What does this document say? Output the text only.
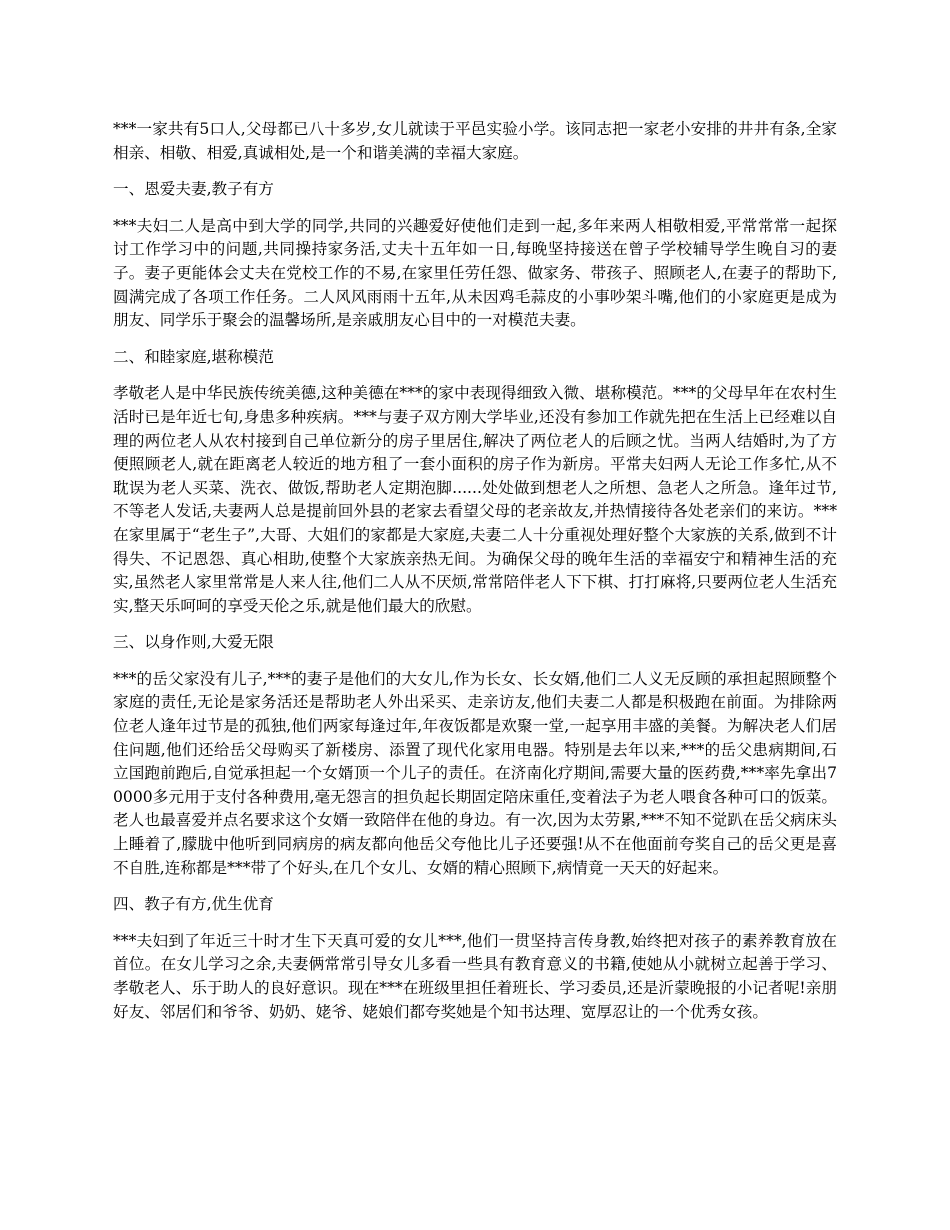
***一家共有5口人,父母都已八十多岁,女儿就读于平邑实验小学。该同志把一家老小安排的井井有条,全家相亲、相敬、相爱,真诚相处,是一个和谐美满的幸福大家庭。

一、恩爱夫妻,教子有方

***夫妇二人是高中到大学的同学,共同的兴趣爱好使他们走到一起,多年来两人相敬相爱,平常常常一起探讨工作学习中的问题,共同操持家务活,丈夫十五年如一日,每晚坚持接送在曾子学校辅导学生晚自习的妻子。妻子更能体会丈夫在党校工作的不易,在家里任劳任怨、做家务、带孩子、照顾老人,在妻子的帮助下,圆满完成了各项工作任务。二人风风雨雨十五年,从未因鸡毛蒜皮的小事吵架斗嘴,他们的小家庭更是成为朋友、同学乐于聚会的温馨场所,是亲戚朋友心目中的一对模范夫妻。

二、和睦家庭,堪称模范

孝敬老人是中华民族传统美德,这种美德在***的家中表现得细致入微、堪称模范。***的父母早年在农村生活时已是年近七旬,身患多种疾病。***与妻子双方刚大学毕业,还没有参加工作就先把在生活上已经难以自理的两位老人从农村接到自己单位新分的房子里居住,解决了两位老人的后顾之忧。当两人结婚时,为了方便照顾老人,就在距离老人较近的地方租了一套小面积的房子作为新房。平常夫妇两人无论工作多忙,从不耽误为老人买菜、洗衣、做饭,帮助老人定期泡脚......处处做到想老人之所想、急老人之所急。逢年过节,不等老人发话,夫妻两人总是提前回外县的老家去看望父母的老亲故友,并热情接待各处老亲们的来访。***在家里属于“老生子”,大哥、大姐们的家都是大家庭,夫妻二人十分重视处理好整个大家族的关系,做到不计得失、不记恩怨、真心相助,使整个大家族亲热无间。为确保父母的晚年生活的幸福安宁和精神生活的充实,虽然老人家里常常是人来人往,他们二人从不厌烦,常常陪伴老人下下棋、打打麻将,只要两位老人生活充实,整天乐呵呵的享受天伦之乐,就是他们最大的欣慰。

三、以身作则,大爱无限

***的岳父家没有儿子,***的妻子是他们的大女儿,作为长女、长女婿,他们二人义无反顾的承担起照顾整个家庭的责任,无论是家务活还是帮助老人外出采买、走亲访友,他们夫妻二人都是积极跑在前面。为排除两位老人逢年过节是的孤独,他们两家每逢过年,年夜饭都是欢聚一堂,一起享用丰盛的美餐。为解决老人们居住问题,他们还给岳父母购买了新楼房、添置了现代化家用电器。特别是去年以来,***的岳父患病期间,石立国跑前跑后,自觉承担起一个女婿顶一个儿子的责任。在济南化疗期间,需要大量的医药费,***率先拿出70000多元用于支付各种费用,毫无怨言的担负起长期固定陪床重任,变着法子为老人喂食各种可口的饭菜。老人也最喜爱并点名要求这个女婿一致陪伴在他的身边。有一次,因为太劳累,***不知不觉趴在岳父病床头上睡着了,朦胧中他听到同病房的病友都向他岳父夸他比儿子还要强!从不在他面前夸奖自己的岳父更是喜不自胜,连称都是***带了个好头,在几个女儿、女婿的精心照顾下,病情竟一天天的好起来。

四、教子有方,优生优育

***夫妇到了年近三十时才生下天真可爱的女儿***,他们一贯坚持言传身教,始终把对孩子的素养教育放在首位。在女儿学习之余,夫妻俩常常引导女儿多看一些具有教育意义的书籍,使她从小就树立起善于学习、孝敬老人、乐于助人的良好意识。现在***在班级里担任着班长、学习委员,还是沂蒙晚报的小记者呢!亲朋好友、邻居们和爷爷、奶奶、姥爷、姥娘们都夸奖她是个知书达理、宽厚忍让的一个优秀女孩。
